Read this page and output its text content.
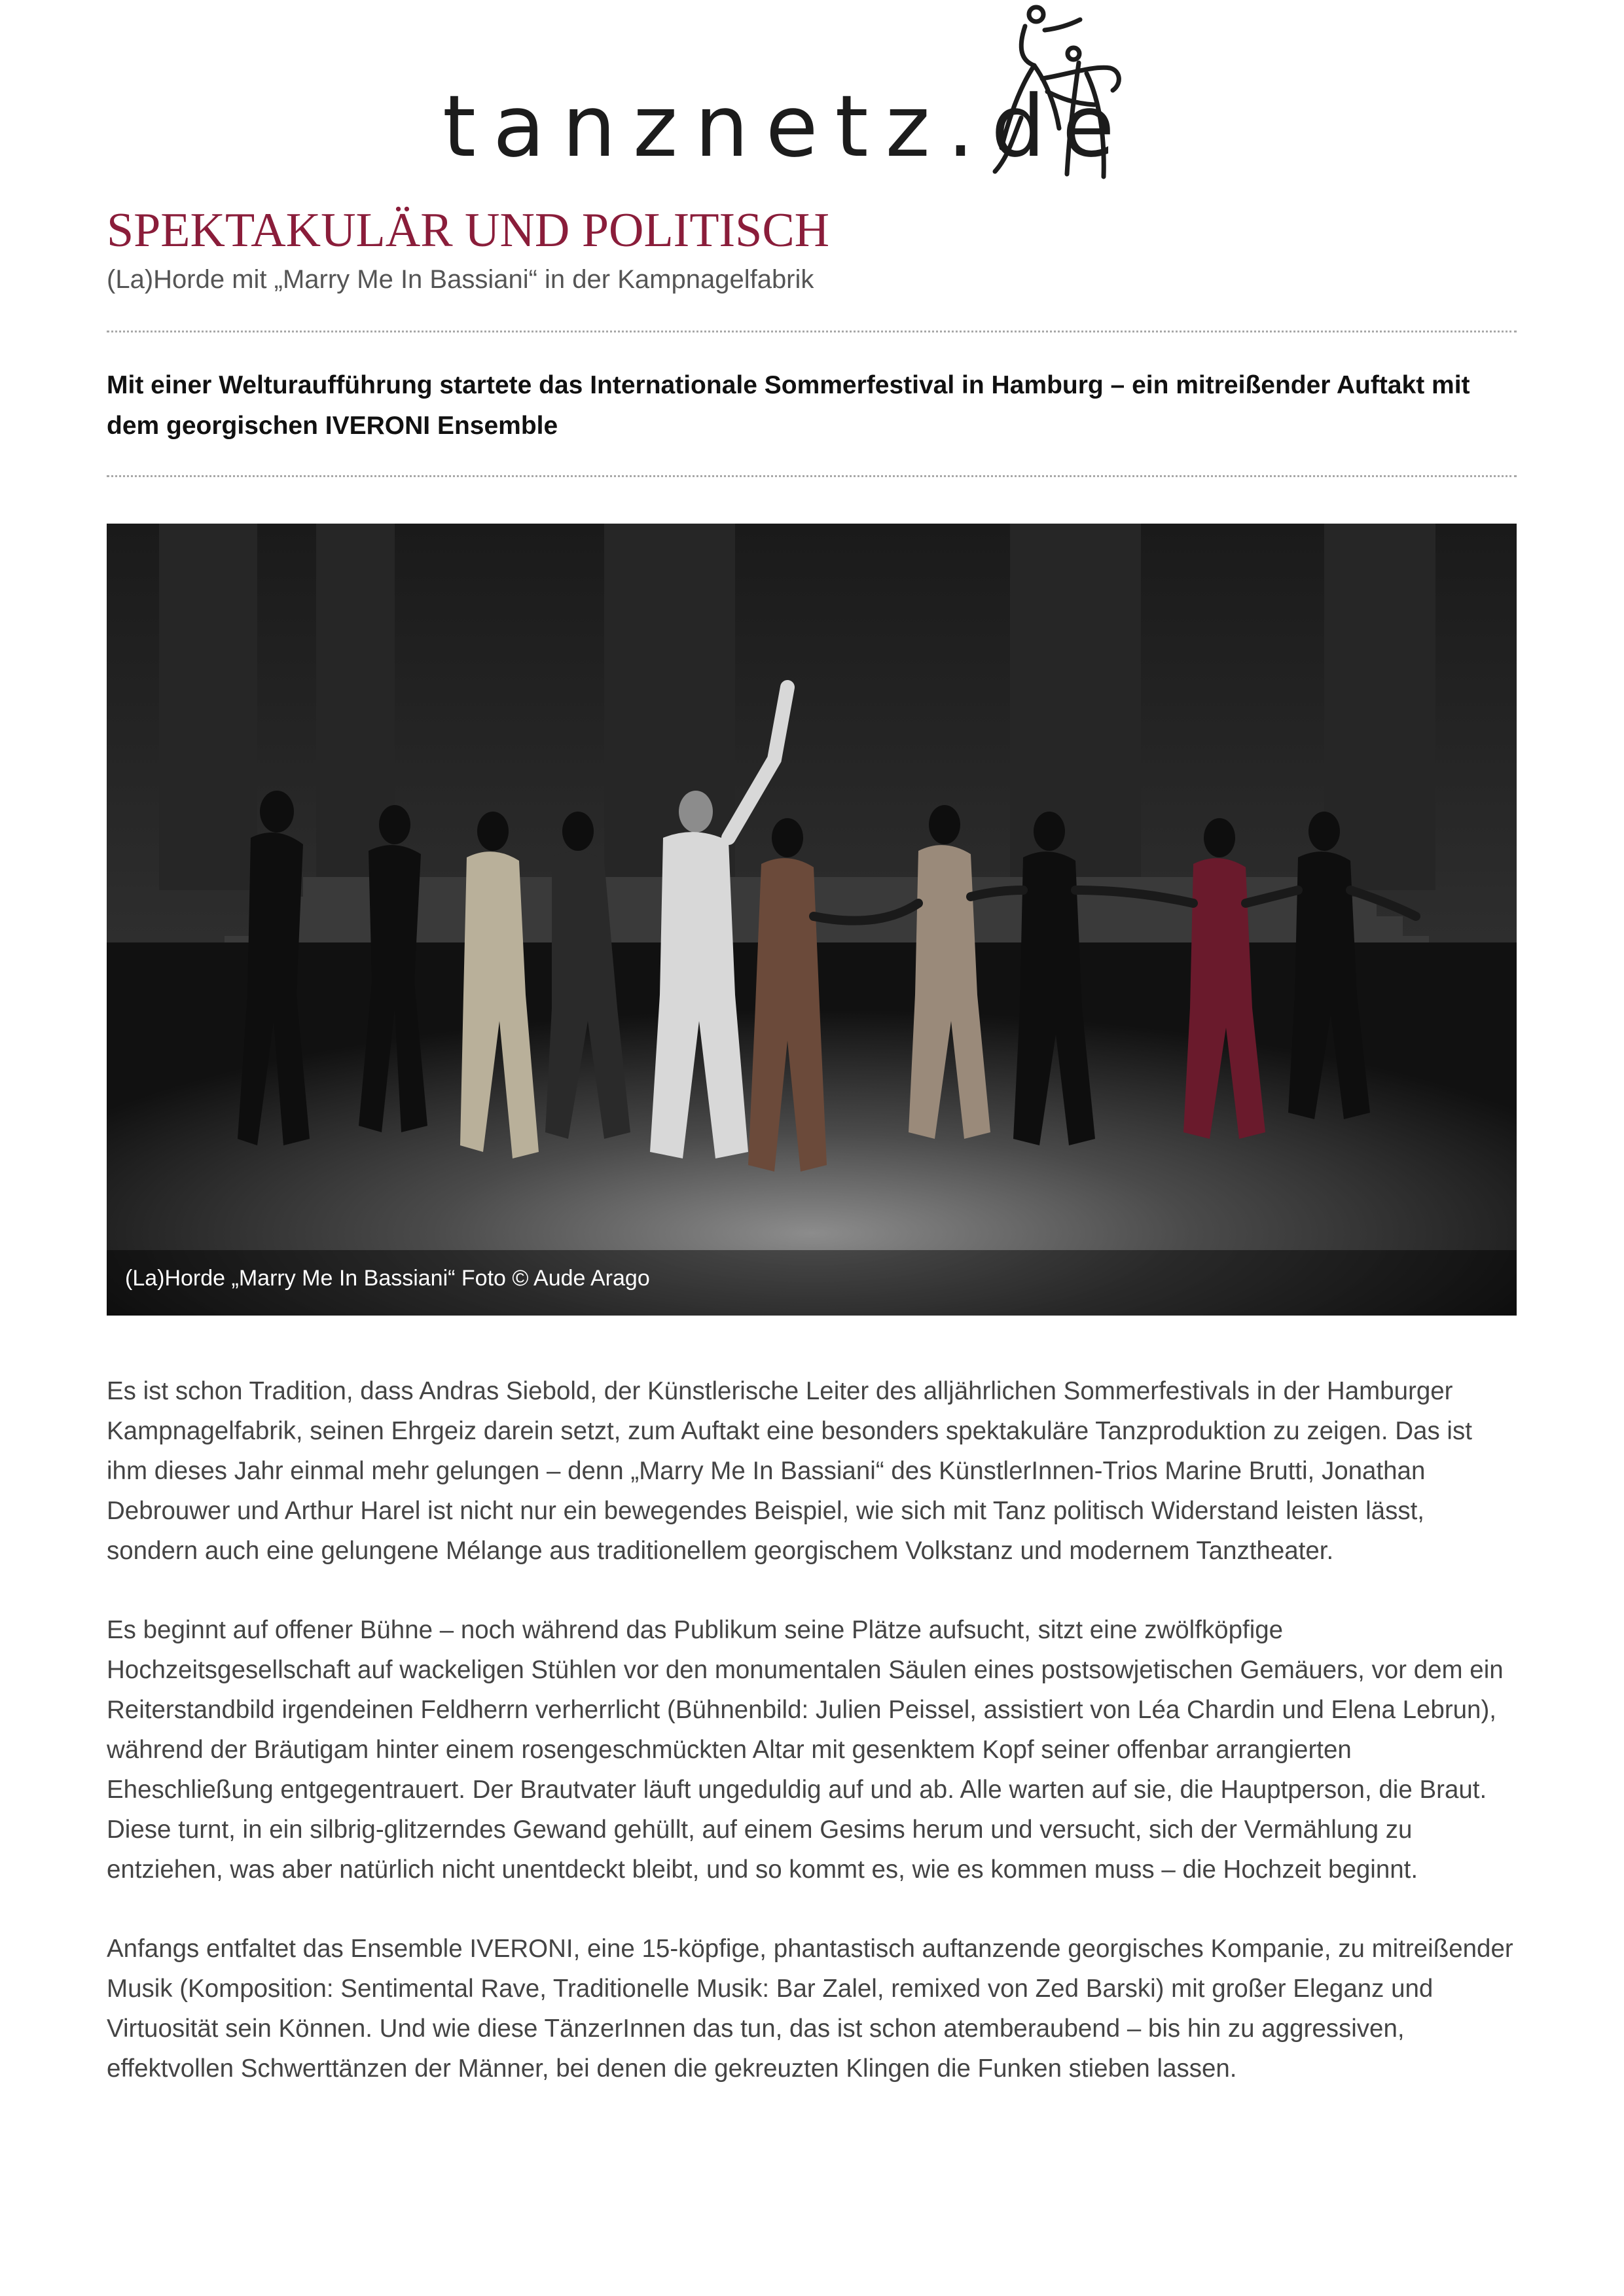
tanznetz.de
SPEKTAKULÄR UND POLITISCH
(La)Horde mit „Marry Me In Bassiani“ in der Kampnagelfabrik
Mit einer Welturaufführung startete das Internationale Sommerfestival in Hamburg – ein mitreißender Auftakt mit dem georgischen IVERONI Ensemble
(La)Horde „Marry Me In Bassiani“ Foto © Aude Arago

Es ist schon Tradition, dass Andras Siebold, der Künstlerische Leiter des alljährlichen Sommerfestivals in der Hamburger Kampnagelfabrik, seinen Ehrgeiz darein setzt, zum Auftakt eine besonders spektakuläre Tanzproduktion zu zeigen. Das ist ihm dieses Jahr einmal mehr gelungen – denn „Marry Me In Bassiani“ des KünstlerInnen-Trios Marine Brutti, Jonathan Debrouwer und Arthur Harel ist nicht nur ein bewegendes Beispiel, wie sich mit Tanz politisch Widerstand leisten lässt, sondern auch eine gelungene Mélange aus traditionellem georgischem Volkstanz und modernem Tanztheater.

Es beginnt auf offener Bühne – noch während das Publikum seine Plätze aufsucht, sitzt eine zwölfköpfige Hochzeitsgesellschaft auf wackeligen Stühlen vor den monumentalen Säulen eines postsowjetischen Gemäuers, vor dem ein Reiterstandbild irgendeinen Feldherrn verherrlicht (Bühnenbild: Julien Peissel, assistiert von Léa Chardin und Elena Lebrun), während der Bräutigam hinter einem rosengeschmückten Altar mit gesenktem Kopf seiner offenbar arrangierten Eheschließung entgegentrauert. Der Brautvater läuft ungeduldig auf und ab. Alle warten auf sie, die Hauptperson, die Braut. Diese turnt, in ein silbrig-glitzerndes Gewand gehüllt, auf einem Gesims herum und versucht, sich der Vermählung zu entziehen, was aber natürlich nicht unentdeckt bleibt, und so kommt es, wie es kommen muss – die Hochzeit beginnt.

Anfangs entfaltet das Ensemble IVERONI, eine 15-köpfige, phantastisch auftanzende georgisches Kompanie, zu mitreißender Musik (Komposition: Sentimental Rave, Traditionelle Musik: Bar Zalel, remixed von Zed Barski) mit großer Eleganz und Virtuosität sein Können. Und wie diese TänzerInnen das tun, das ist schon atemberaubend – bis hin zu aggressiven, effektvollen Schwerttänzen der Männer, bei denen die gekreuzten Klingen die Funken stieben lassen.
